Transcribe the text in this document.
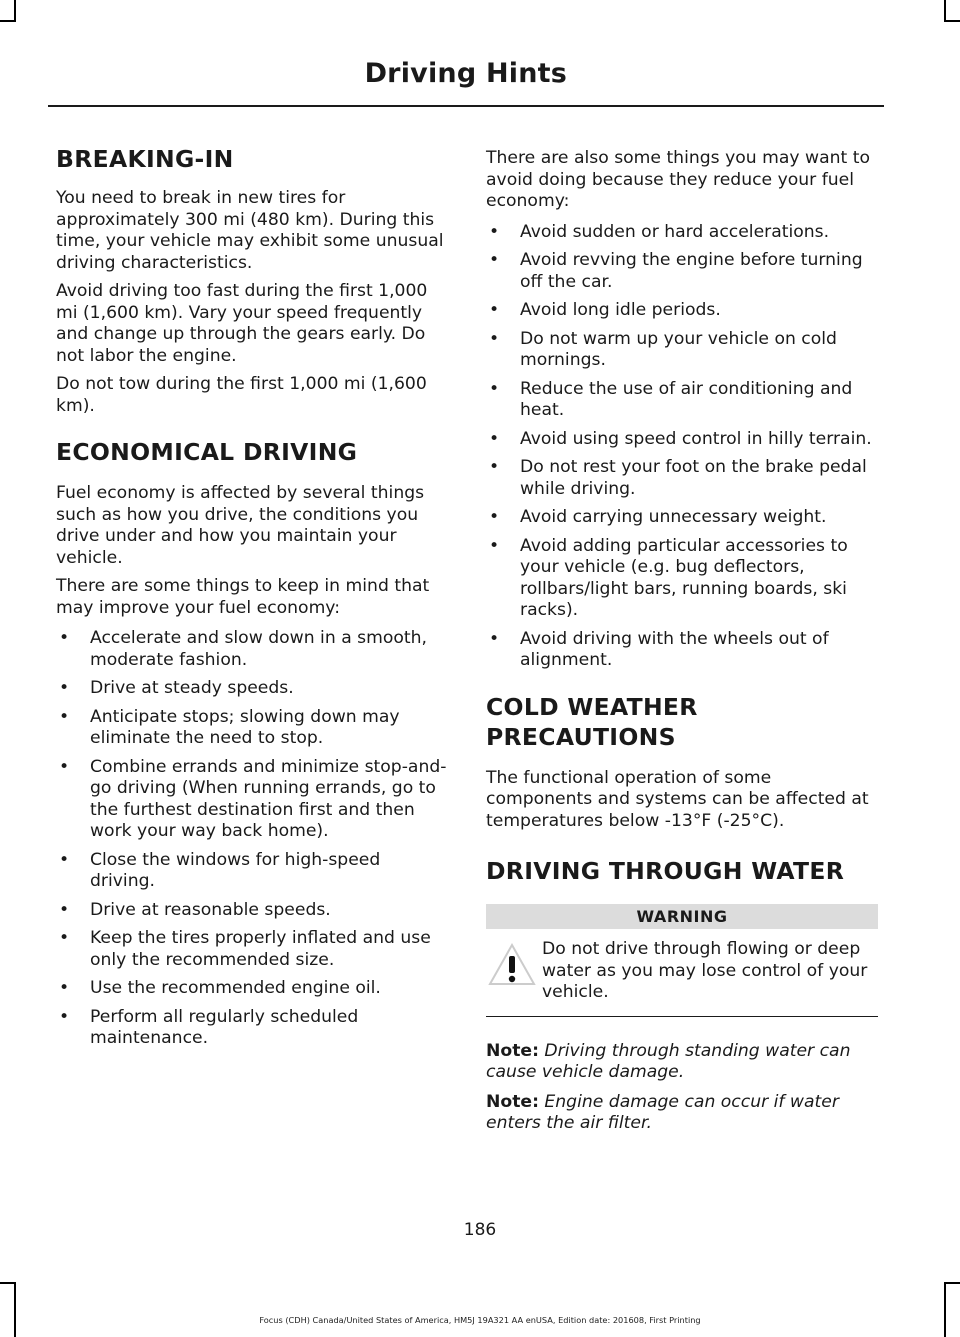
Driving Hints
BREAKING-IN

You need to break in new tires for approximately 300 mi (480 km). During this time, your vehicle may exhibit some unusual driving characteristics.

Avoid driving too fast during the first 1,000 mi (1,600 km). Vary your speed frequently and change up through the gears early. Do not labor the engine.

Do not tow during the first 1,000 mi (1,600 km).

ECONOMICAL DRIVING

Fuel economy is affected by several things such as how you drive, the conditions you drive under and how you maintain your vehicle.

There are some things to keep in mind that may improve your fuel economy:

• Accelerate and slow down in a smooth, moderate fashion.
• Drive at steady speeds.
• Anticipate stops; slowing down may eliminate the need to stop.
• Combine errands and minimize stop-and-go driving (When running errands, go to the furthest destination first and then work your way back home).
• Close the windows for high-speed driving.
• Drive at reasonable speeds.
• Keep the tires properly inflated and use only the recommended size.
• Use the recommended engine oil.
• Perform all regularly scheduled maintenance.

There are also some things you may want to avoid doing because they reduce your fuel economy:

• Avoid sudden or hard accelerations.
• Avoid revving the engine before turning off the car.
• Avoid long idle periods.
• Do not warm up your vehicle on cold mornings.
• Reduce the use of air conditioning and heat.
• Avoid using speed control in hilly terrain.
• Do not rest your foot on the brake pedal while driving.
• Avoid carrying unnecessary weight.
• Avoid adding particular accessories to your vehicle (e.g. bug deflectors, rollbars/light bars, running boards, ski racks).
• Avoid driving with the wheels out of alignment.
COLD WEATHER
PRECAUTIONS

The functional operation of some components and systems can be affected at temperatures below -13°F (-25°C).

DRIVING THROUGH WATER
WARNING
Do not drive through flowing or deep water as you may lose control of your vehicle.

Note: Driving through standing water can cause vehicle damage.

Note: Engine damage can occur if water enters the air filter.

186
Focus (CDH) Canada/United States of America, HM5J 19A321 AA enUSA, Edition date: 201608, First Printing
